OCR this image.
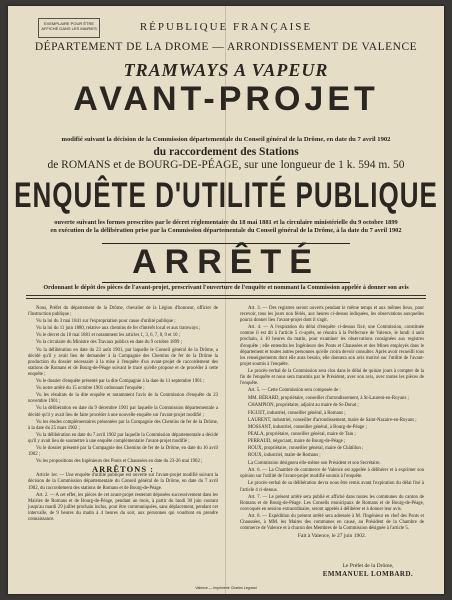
EXEMPLAIRE POUR ÊTRE AFFICHÉ DANS LES MAIRIES	RÉPUBLIQUE FRANÇAISE
DÉPARTEMENT DE LA DROME — ARRONDISSEMENT DE VALENCE
TRAMWAYS A VAPEUR
AVANT-PROJET
modifié suivant la décision de la Commission départementale du Conseil général de la Drôme, en date du 7 avril 1902
du raccordement des Stations
de ROMANS et de BOURG-DE-PÉAGE, sur une longueur de 1 k. 594 m. 50
ENQUÊTE D'UTILITÉ PUBLIQUE
ouverte suivant les formes prescrites par le décret réglementaire du 18 mai 1881 et la circulaire ministérielle du 9 octobre 1899
en exécution de la délibération prise par la Commission départementale du Conseil général de la Drôme, à la date du 7 avril 1902
ARRÊTÉ
Ordonnant le dépôt des pièces de l'avant-projet, prescrivant l'ouverture de l'enquête et nommant la Commission appelée à donner son avis

Nous, Préfet du département de la Drôme, chevalier de la Légion d'honneur, officier de l'Instruction publique ;

Vu la loi du 3 mai 1841 sur l'expropriation pour cause d'utilité publique ;

Vu la loi du 11 juin 1880, relative aux chemins de fer d'intérêt local et aux tramways ;

Vu le décret du 18 mai 1881 et notamment les articles 1, 3, 6, 7, 8, 9 et 10 ;

Vu la circulaire du Ministre des Travaux publics en date du 9 octobre 1899 ;

Vu la délibération en date du 23 août 1901, par laquelle le Conseil général de la Drôme, a décidé qu'il y avait lieu de demander à la Compagnie des Chemins de fer de la Drôme la production du dossier nécessaire à la mise à l'enquête d'un avant-projet de raccordement des stations de Romans et de Bourg-de-Péage suivant le tracé qu'elle propose et de procéder à cette enquête ;

Vu le dossier d'enquête présenté par la dite Compagnie à la date du 11 septembre 1901 ;

Vu notre arrêté du 15 octobre 1901 ordonnant l'enquête ;

Vu les résultats de la dite enquête et notamment l'avis de la Commission d'enquête du 23 novembre 1901 ;

Vu la délibération en date du 9 décembre 1901 par laquelle la Commission départementale a décidé qu'il y avait lieu de faire procéder à une nouvelle enquête sur l'avant-projet modifié ;

Vu les études complémentaires présentées par la Compagnie des Chemins de fer de la Drôme, à la date du 25 mars 1902 ;

Vu la délibération en date du 7 avril 1902 par laquelle la Commission départementale a décidé qu'il y avait lieu de soumettre à une enquête complémentaire l'avant-projet modifié ;

Vu le dossier présenté par la Compagnie des Chemins de fer de la Drôme, en date du 16 avril 1902 ;

Vu les propositions des Ingénieurs des Ponts et Chaussées en date du 23-26 mai 1902 ;

ARRÊTONS :

Article 1er. — Une enquête d'utilité publique est ouverte sur l'avant-projet modifié suivant la décision de la Commission départementale du Conseil général de la Drôme, en date du 7 avril 1902, du raccordement des stations de Romans et de Bourg-de-Péage.

Art. 2. — A cet effet, les pièces de cet avant-projet resteront déposées successivement dans les Mairies de Romans et de Bourg-de-Péage, pendant un mois, à partir du lundi 30 juin courant jusqu'au mardi 29 juillet prochain inclus, pour être communiquées, sans déplacement, pendant cet intervalle, de 9 heures du matin à 4 heures du soir, aux personnes qui voudront en prendre connaissance.

Art. 3. — Des registres seront ouverts pendant le même temps et aux mêmes lieux, pour recevoir, tous les jours non fériés, aux heures ci-dessus indiquées, les observations auxquelles pourra donner lieu l'avant-projet dont il s'agit.

Art. 4. — A l'expiration du délai d'enquête ci-dessus fixé, une Commission, constituée comme il est dit à l'article 5 ci-après, se réunira à la Préfecture de Valence, le lundi 4 août prochain, à 10 heures du matin, pour examiner les observations consignées aux registres d'enquête ; elle entendra les Ingénieurs des Ponts et Chaussées et des Mines employés dans le département et toutes autres personnes qu'elle croira devoir consulter. Après avoir recueilli tous les renseignements dont elle aura besoin, elle donnera son avis motivé sur l'utilité de l'avant-projet soumis à l'enquête.

Le procès-verbal de la Commission sera clos dans le délai de quinze jours à compter de la fin de l'enquête et nous sera transmis par le Président, avec son avis, avec toutes les pièces de l'enquête.

Art. 5. — Cette Commission sera composée de :

MM. BÉRARD, propriétaire, conseiller d'arrondissement, à St-Laurent-en-Royans ;

CHAMPION, propriétaire, adjoint au maire de St-Donat ;

FIGUET, industriel, conseiller général, à Romans ;

LAURENT, industriel, conseiller d'arrondissement, maire de Saint-Nazaire-en-Royans ;

MOSSANT, industriel, conseiller général, à Bourg-de-Péage ;

PEALA, propriétaire, conseiller général, maire de Tain ;

PERRAUD, négociant, maire de Bourg-de-Péage ;

ROUX, propriétaire, conseiller général, maire de Châtillon ;

ROUX, industriel, maire de Romans ;

La Commission désignera elle-même son Président et son Secrétaire.

Art. 6. — La Chambre de commerce de Valence est appelée à délibérer et à exprimer son opinion sur l'utilité de l'avant-projet modifié soumis à l'enquête.

Le procès-verbal de sa délibération devra nous être remis avant l'expiration du délai fixé à l'article 4 ci-dessus.

Art. 7. — Le présent arrêté sera publié et affiché dans toutes les communes du canton de Romans et de Bourg-de-Péage. Les Conseils municipaux de Romans et de Bourg-de-Péage, convoqués en session extraordinaire, seront appelés à délibérer et à donner leur avis.

Art. 8. — Expédition du présent arrêté sera adressée à M. l'Ingénieur en chef des Ponts et Chaussées, à MM. les Maires des communes en cause, au Président de la Chambre de commerce de Valence et à chacun des Membres de la Commission désignée à l'article 5.

Fait à Valence, le 27 juin 1902.

Le Préfet de la Drôme,
EMMANUEL LOMBARD.
Valence — Imprimerie Charles Legrand
